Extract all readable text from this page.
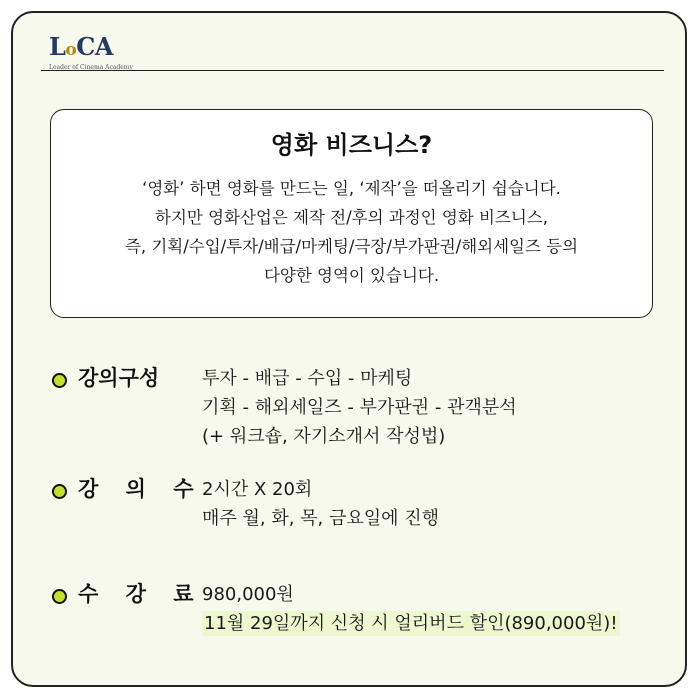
LoCA
Leader of Cinema Academy
영화 비즈니스?
‘영화’ 하면 영화를 만드는 일, ‘제작’을 떠올리기 쉽습니다.
하지만 영화산업은 제작 전/후의 과정인 영화 비즈니스,
즉, 기획/수입/투자/배급/마케팅/극장/부가판권/해외세일즈 등의
다양한 영역이 있습니다.
강의구성 투자 - 배급 - 수입 - 마케팅
기획 - 해외세일즈 - 부가판권 - 관객분석
(+ 워크숍, 자기소개서 작성법)
강 의 수
2시간 X 20회
매주 월, 화, 목, 금요일에 진행
수 강 료
980,000원
11월 29일까지 신청 시 얼리버드 할인(890,000원)!
